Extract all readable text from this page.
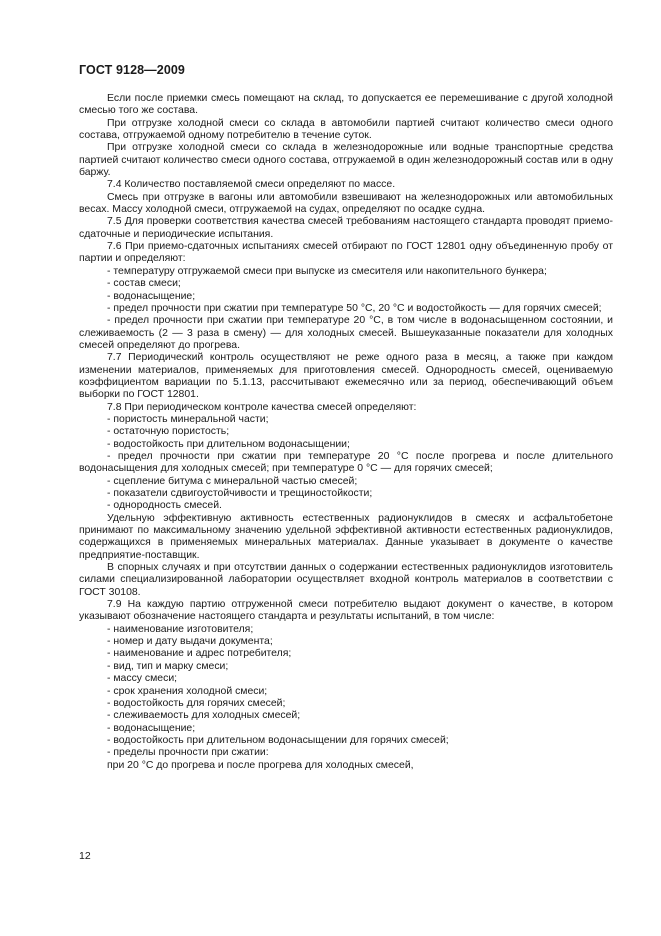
ГОСТ 9128—2009

Если после приемки смесь помещают на склад, то допускается ее перемешивание с другой холодной смесью того же состава.

При отгрузке холодной смеси со склада в автомобили партией считают количество смеси одного состава, отгружаемой одному потребителю в течение суток.

При отгрузке холодной смеси со склада в железнодорожные или водные транспортные средства партией считают количество смеси одного состава, отгружаемой в один железнодорожный состав или в одну баржу.

7.4 Количество поставляемой смеси определяют по массе.

Смесь при отгрузке в вагоны или автомобили взвешивают на железнодорожных или автомобильных весах. Массу холодной смеси, отгружаемой на судах, определяют по осадке судна.

7.5 Для проверки соответствия качества смесей требованиям настоящего стандарта проводят приемо-сдаточные и периодические испытания.

7.6 При приемо-сдаточных испытаниях смесей отбирают по ГОСТ 12801 одну объединенную пробу от партии и определяют:

- температуру отгружаемой смеси при выпуске из смесителя или накопительного бункера;
- состав смеси;
- водонасыщение;
- предел прочности при сжатии при температуре 50 °С, 20 °С и водостойкость — для горячих смесей;
- предел прочности при сжатии при температуре 20 °С, в том числе в водонасыщенном состоянии, и слеживаемость (2 — 3 раза в смену) — для холодных смесей. Вышеуказанные показатели для холодных смесей определяют до прогрева.

7.7 Периодический контроль осуществляют не реже одного раза в месяц, а также при каждом изменении материалов, применяемых для приготовления смесей. Однородность смесей, оцениваемую коэффициентом вариации по 5.1.13, рассчитывают ежемесячно или за период, обеспечивающий объем выборки по ГОСТ 12801.

7.8 При периодическом контроле качества смесей определяют:

- пористость минеральной части;
- остаточную пористость;
- водостойкость при длительном водонасыщении;
- предел прочности при сжатии при температуре 20 °С после прогрева и после длительного водонасыщения для холодных смесей; при температуре 0 °С — для горячих смесей;
- сцепление битума с минеральной частью смесей;
- показатели сдвигоустойчивости и трещиностойкости;
- однородность смесей.

Удельную эффективную активность естественных радионуклидов в смесях и асфальтобетоне принимают по максимальному значению удельной эффективной активности естественных радионуклидов, содержащихся в применяемых минеральных материалах. Данные указывает в документе о качестве предприятие-поставщик.

В спорных случаях и при отсутствии данных о содержании естественных радионуклидов изготовитель силами специализированной лаборатории осуществляет входной контроль материалов в соответствии с ГОСТ 30108.

7.9 На каждую партию отгруженной смеси потребителю выдают документ о качестве, в котором указывают обозначение настоящего стандарта и результаты испытаний, в том числе:

- наименование изготовителя;
- номер и дату выдачи документа;
- наименование и адрес потребителя;
- вид, тип и марку смеси;
- массу смеси;
- срок хранения холодной смеси;
- водостойкость для горячих смесей;
- слеживаемость для холодных смесей;
- водонасыщение;
- водостойкость при длительном водонасыщении для горячих смесей;
- пределы прочности при сжатии:
при 20 °С до прогрева и после прогрева для холодных смесей,
12
